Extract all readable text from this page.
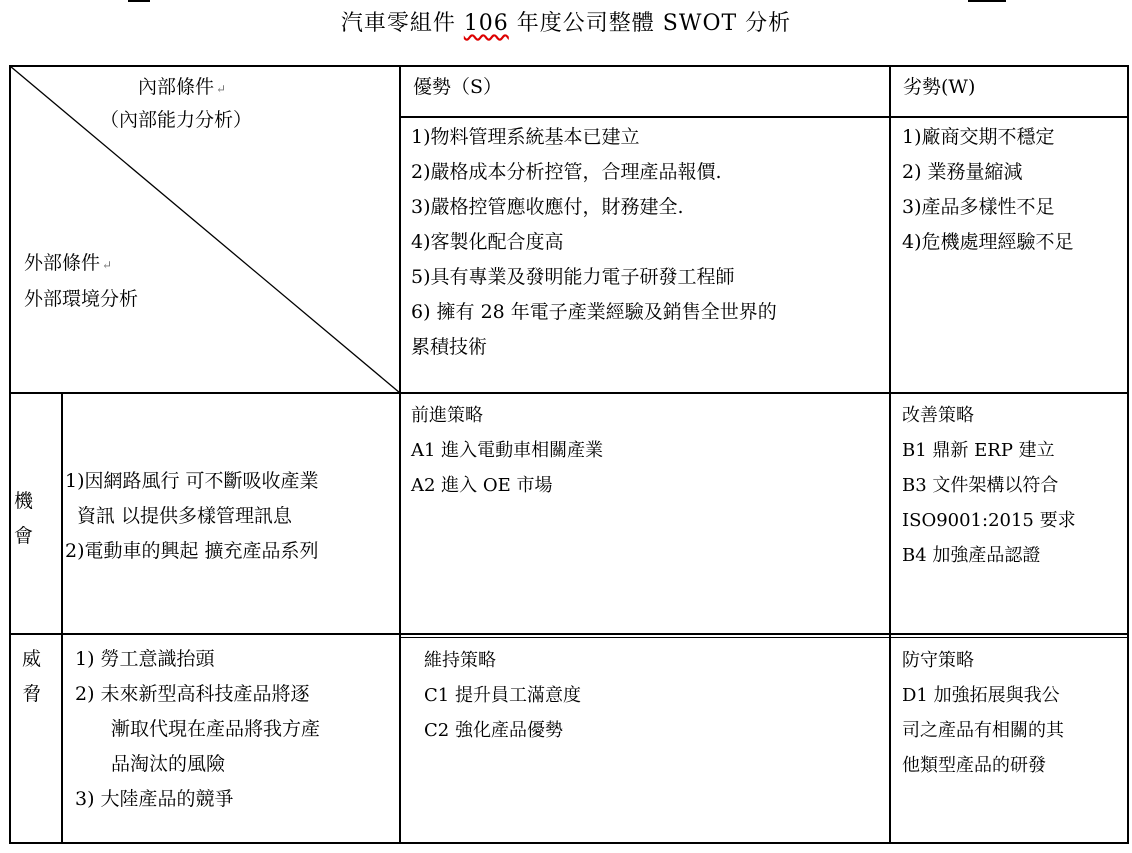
汽車零組件 106 年度公司整體 SWOT 分析
內部條件 ↵
（內部能力分析）
外部條件 ↵
外部環境分析
優勢（S）	劣勢(W)
1)物料管理系統基本已建立
2)嚴格成本分析控管，合理產品報價.
3)嚴格控管應收應付，財務建全.
4)客製化配合度高
5)具有專業及發明能力電子研發工程師
6) 擁有 28 年電子產業經驗及銷售全世界的
累積技術
1)廠商交期不穩定
2) 業務量縮減
3)產品多樣性不足
4)危機處理經驗不足
機
會
1)因網路風行 可不斷吸收產業
資訊 以提供多樣管理訊息
2)電動車的興起 擴充產品系列
前進策略
A1 進入電動車相關產業
A2 進入 OE 市場
改善策略
B1 鼎新 ERP 建立
B3 文件架構以符合
ISO9001:2015 要求
B4 加強產品認證
威
脅
1) 勞工意識抬頭
2) 未來新型高科技產品將逐
漸取代現在產品將我方產
品淘汰的風險
3) 大陸產品的競爭
維持策略
C1 提升員工滿意度
C2 強化產品優勢
防守策略
D1 加強拓展與我公
司之產品有相關的其
他類型產品的研發
